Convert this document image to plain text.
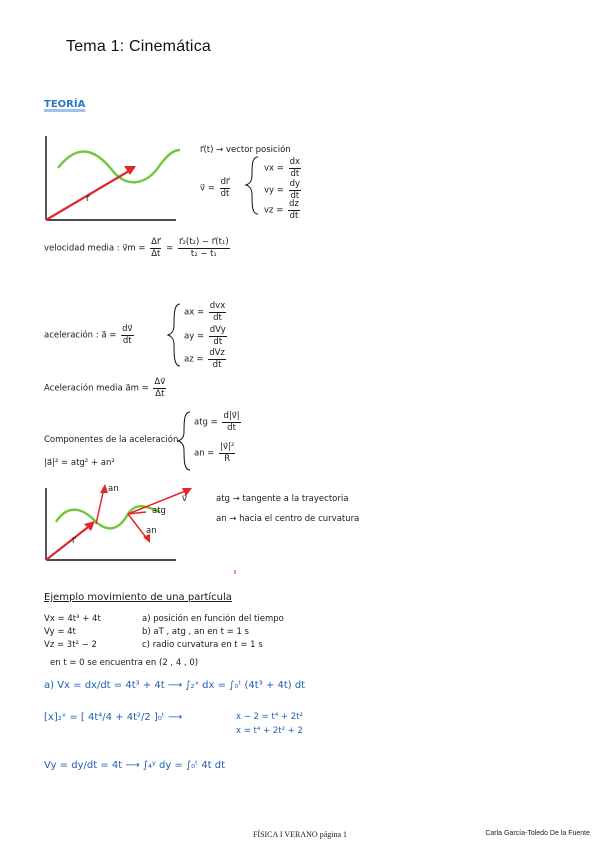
Tema 1: Cinemática
TEORÍA
r⃗(t) → vector posición
r⃗
v⃗ = $\frac{dr⃗}{dt}$
vx = $\frac{dx}{dt}$
vy = $\frac{dy}{dt}$
vz = $\frac{dz}{dt}$
velocidad media : v⃗m = $\frac{\Delta r⃗}{\Delta t} = \frac{\text{r⃗₂(t₂) − r⃗(t₁)}}{\text{t₂ − t₁}}$
aceleración : a⃗ = $\frac{dv⃗}{dt}$
ax = $\frac{\text{dvx}}{dt}$
ay = $\frac{\text{dVy}}{dt}$
az = $\frac{\text{dVz}}{dt}$
Aceleración media a⃗m = $\frac{\Delta v⃗}{\Delta t}$
Componentes de la aceleración
atg = $\frac{d|v⃗|}{dt}$
an = $\frac{\text{|v⃗|²}}{R}$
|a⃗|² = atg² + an²
an
atg
an
v⃗
r⃗
atg → tangente a la trayectoria
an → hacia el centro de curvatura
Ejemplo movimiento de una partícula
Vx = 4t³ + 4t
Vy = 4t
Vz = 3t² − 2
a) posición en función del tiempo
b) aT , atg , an en t = 1 s
c) radio curvatura en t = 1 s
en t = 0 se encuentra en (2 , 4 , 0)
a) Vx = dx/dt = 4t³ + 4t ⟶ ∫₂ˣ dx = ∫₀ᵗ (4t³ + 4t) dt
[x]₂ˣ = [ 4t⁴/4 + 4t²/2 ]₀ᵗ ⟶	x − 2 = t⁴ + 2t²
x = t⁴ + 2t² + 2
Vy = dy/dt = 4t ⟶ ∫₄ʸ dy = ∫₀ᵗ 4t dt
FÍSICA I VERANO página 1	Carla García-Toledo De la Fuente
